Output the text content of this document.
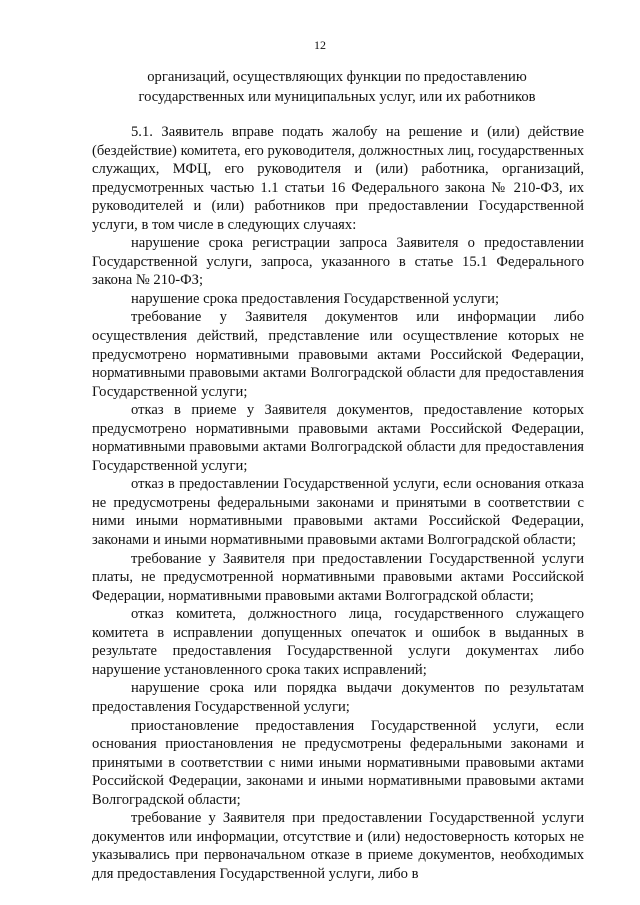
12
организаций, осуществляющих функции по предоставлению
государственных или муниципальных услуг, или их работников

5.1. Заявитель вправе подать жалобу на решение и (или) действие (бездействие) комитета, его руководителя, должностных лиц, государственных служащих, МФЦ, его руководителя и (или) работника, организаций, предусмотренных частью 1.1 статьи 16 Федерального закона № 210-ФЗ, их руководителей и (или) работников при предоставлении Государственной услуги, в том числе в следующих случаях:

нарушение срока регистрации запроса Заявителя о предоставлении Государственной услуги, запроса, указанного в статье 15.1 Федерального закона № 210-ФЗ;

нарушение срока предоставления Государственной услуги;

требование у Заявителя документов или информации либо осуществления действий, представление или осуществление которых не предусмотрено нормативными правовыми актами Российской Федерации, нормативными правовыми актами Волгоградской области для предоставления Государственной услуги;

отказ в приеме у Заявителя документов, предоставление которых предусмотрено нормативными правовыми актами Российской Федерации, нормативными правовыми актами Волгоградской области для предоставления Государственной услуги;

отказ в предоставлении Государственной услуги, если основания отказа не предусмотрены федеральными законами и принятыми в соответствии с ними иными нормативными правовыми актами Российской Федерации, законами и иными нормативными правовыми актами Волгоградской области;

требование у Заявителя при предоставлении Государственной услуги платы, не предусмотренной нормативными правовыми актами Российской Федерации, нормативными правовыми актами Волгоградской области;

отказ комитета, должностного лица, государственного служащего комитета в исправлении допущенных опечаток и ошибок в выданных в результате предоставления Государственной услуги документах либо нарушение установленного срока таких исправлений;

нарушение срока или порядка выдачи документов по результатам предоставления Государственной услуги;

приостановление предоставления Государственной услуги, если основания приостановления не предусмотрены федеральными законами и принятыми в соответствии с ними иными нормативными правовыми актами Российской Федерации, законами и иными нормативными правовыми актами Волгоградской области;

требование у Заявителя при предоставлении Государственной услуги документов или информации, отсутствие и (или) недостоверность которых не указывались при первоначальном отказе в приеме документов, необходимых для предоставления Государственной услуги, либо в
